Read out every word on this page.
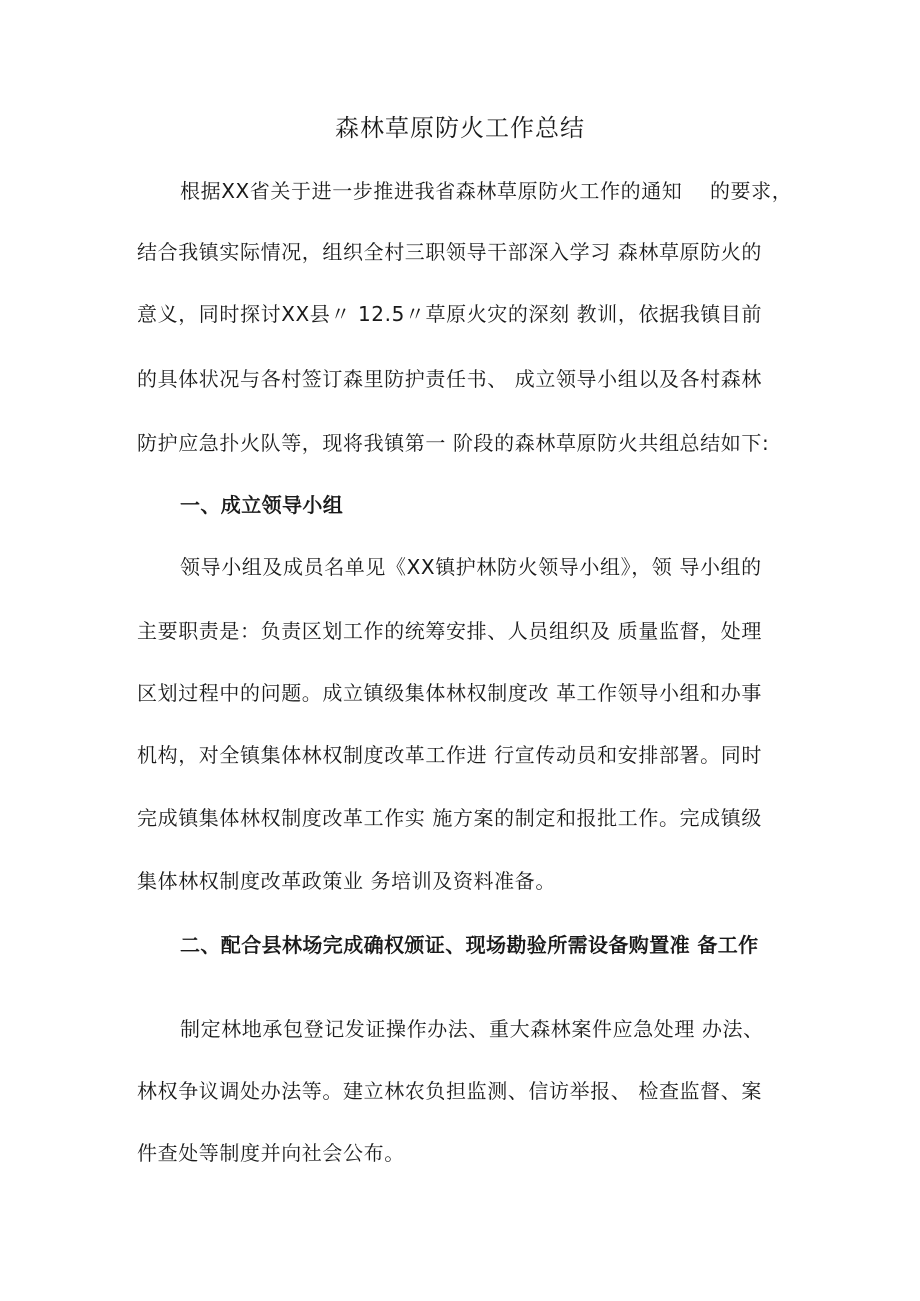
森林草原防火工作总结
根据XX省关于进一步推进我省森林草原防火工作的通知　 的要求，
结合我镇实际情况，组织全村三职领导干部深入学习 森林草原防火的
意义，同时探讨XX县〃 12.5〃草原火灾的深刻 教训，依据我镇目前
的具体状况与各村签订森里防护责任书、 成立领导小组以及各村森林
防护应急扑火队等，现将我镇第一 阶段的森林草原防火共组总结如下:
一、成立领导小组
领导小组及成员名单见《XX镇护林防火领导小组》，领 导小组的
主要职责是：负责区划工作的统筹安排、人员组织及 质量监督，处理
区划过程中的问题。成立镇级集体林权制度改 革工作领导小组和办事
机构，对全镇集体林权制度改革工作进 行宣传动员和安排部署。同时
完成镇集体林权制度改革工作实 施方案的制定和报批工作。完成镇级
集体林权制度改革政策业 务培训及资料准备。
二、配合县林场完成确权颁证、现场勘验所需设备购置准 备工作
制定林地承包登记发证操作办法、重大森林案件应急处理 办法、
林权争议调处办法等。建立林农负担监测、信访举报、 检查监督、案
件查处等制度并向社会公布。
